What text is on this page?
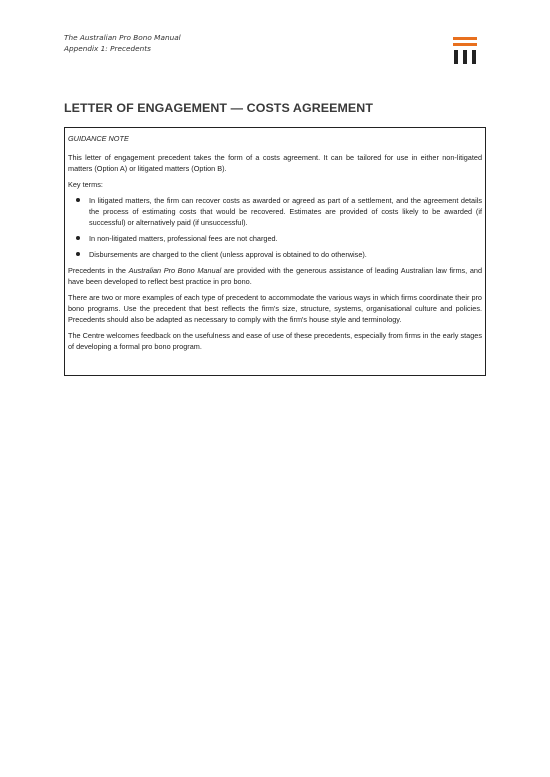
The Australian Pro Bono Manual
Appendix 1: Precedents
LETTER OF ENGAGEMENT — COSTS AGREEMENT

GUIDANCE NOTE

This letter of engagement precedent takes the form of a costs agreement. It can be tailored for use in either non-litigated matters (Option A) or litigated matters (Option B).

Key terms:

In litigated matters, the firm can recover costs as awarded or agreed as part of a settlement, and the agreement details the process of estimating costs that would be recovered. Estimates are provided of costs likely to be awarded (if successful) or alternatively paid (if unsuccessful).
In non-litigated matters, professional fees are not charged.
Disbursements are charged to the client (unless approval is obtained to do otherwise).

Precedents in the Australian Pro Bono Manual are provided with the generous assistance of leading Australian law firms, and have been developed to reflect best practice in pro bono.

There are two or more examples of each type of precedent to accommodate the various ways in which firms coordinate their pro bono programs. Use the precedent that best reflects the firm's size, structure, systems, organisational culture and policies. Precedents should also be adapted as necessary to comply with the firm's house style and terminology.

The Centre welcomes feedback on the usefulness and ease of use of these precedents, especially from firms in the early stages of developing a formal pro bono program.
